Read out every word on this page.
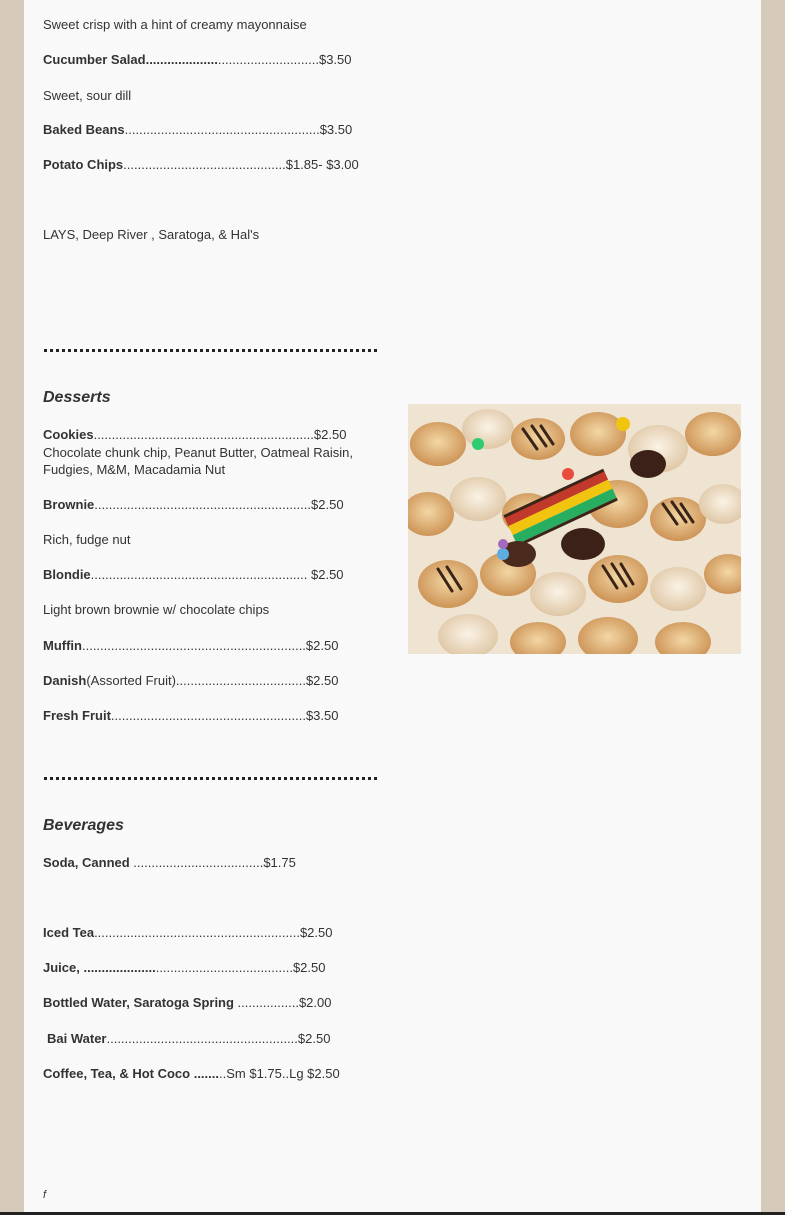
Sweet crisp with a hint of creamy mayonnaise
Cucumber Salad................................................$3.50
Sweet, sour dill
Baked Beans......................................................$3.50
Potato Chips.............................................$1.85- $3.00
LAYS, Deep River , Saratoga, & Hal's
Desserts
Cookies.............................................................$2.50
Chocolate chunk chip, Peanut Butter, Oatmeal Raisin,
Fudgies, M&M, Macadamia Nut
Brownie............................................................$2.50
Rich, fudge nut
Blondie............................................................ $2.50
Light brown brownie w/ chocolate chips
Muffin..............................................................$2.50
Danish(Assorted Fruit)....................................$2.50
Fresh Fruit......................................................$3.50
Beverages
Soda, Canned ....................................$1.75
Iced Tea.........................................................$2.50
Juice, ..........................................................$2.50
Bottled Water, Saratoga Spring .................$2.00
Bai Water.....................................................$2.50
Coffee, Tea, & Hot Coco .........Sm $1.75..Lg $2.50
f
